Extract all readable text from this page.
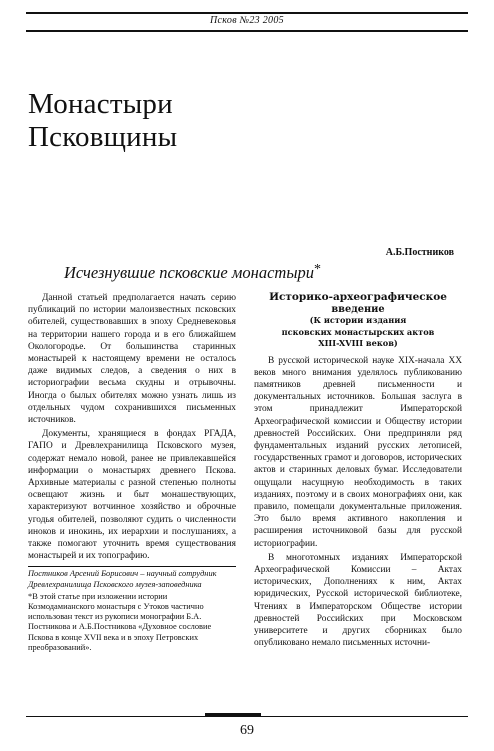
Псков №23 2005
Монастыри
Псковщины
А.Б.Постников
Исчезнувшие псковские монастыри*

Данной статьей предполагается начать серию публикаций по истории малоизвестных псковских обителей, существовавших в эпоху Средневековья на территории нашего города и в его ближайшем Окологородье. От большинства старинных монастырей к настоящему времени не осталось даже видимых следов, а сведения о них в историографии весьма скудны и отрывочны. Иногда о былых обителях можно узнать лишь из отдельных чудом сохранившихся письменных источников.

Документы, хранящиеся в фондах РГАДА, ГАПО и Древлехранилища Псковского музея, содержат немало новой, ранее не привлекавшейся информации о монастырях древнего Пскова. Архивные материалы с разной степенью полноты освещают жизнь и быт монашествующих, характеризуют вотчинное хозяйство и оброчные угодья обителей, позволяют судить о численности иноков и инокинь, их иерархии и послушаниях, а также помогают уточнить время существования монастырей и их топографию.

Постников Арсений Борисович – научный сотрудник Древлехранилища Псковского музея-заповедника

*В этой статье при изложении истории Козмодамианского монастыря с Утоков частично использован текст из рукописи монографии Б.А. Постникова и А.Б.Постникова «Духовное сословие Пскова в конце XVII века и в эпоху Петровских преобразований».

Историко-археографическое
введение
(К истории издания
псковских монастырских актов
XIII-XVIII веков)

В русской исторической науке XIX-начала XX веков много внимания уделялось публикованию памятников древней письменности и документальных источников. Большая заслуга в этом принадлежит Императорской Археографической комиссии и Обществу истории древностей Российских. Они предприняли ряд фундаментальных изданий русских летописей, государственных грамот и договоров, исторических актов и старинных деловых бумаг. Исследователи ощущали насущную необходимость в таких изданиях, поэтому и в своих монографиях они, как правило, помещали документальные приложения. Это было время активного накопления и расширения источниковой базы для русской историографии.

В многотомных изданиях Императорской Археографической Комиссии – Актах исторических, Дополнениях к ним, Актах юридических, Русской исторической библиотеке, Чтениях в Императорском Обществе истории древностей Российских при Московском университете и других сборниках было опубликовано немало письменных источни-

69
